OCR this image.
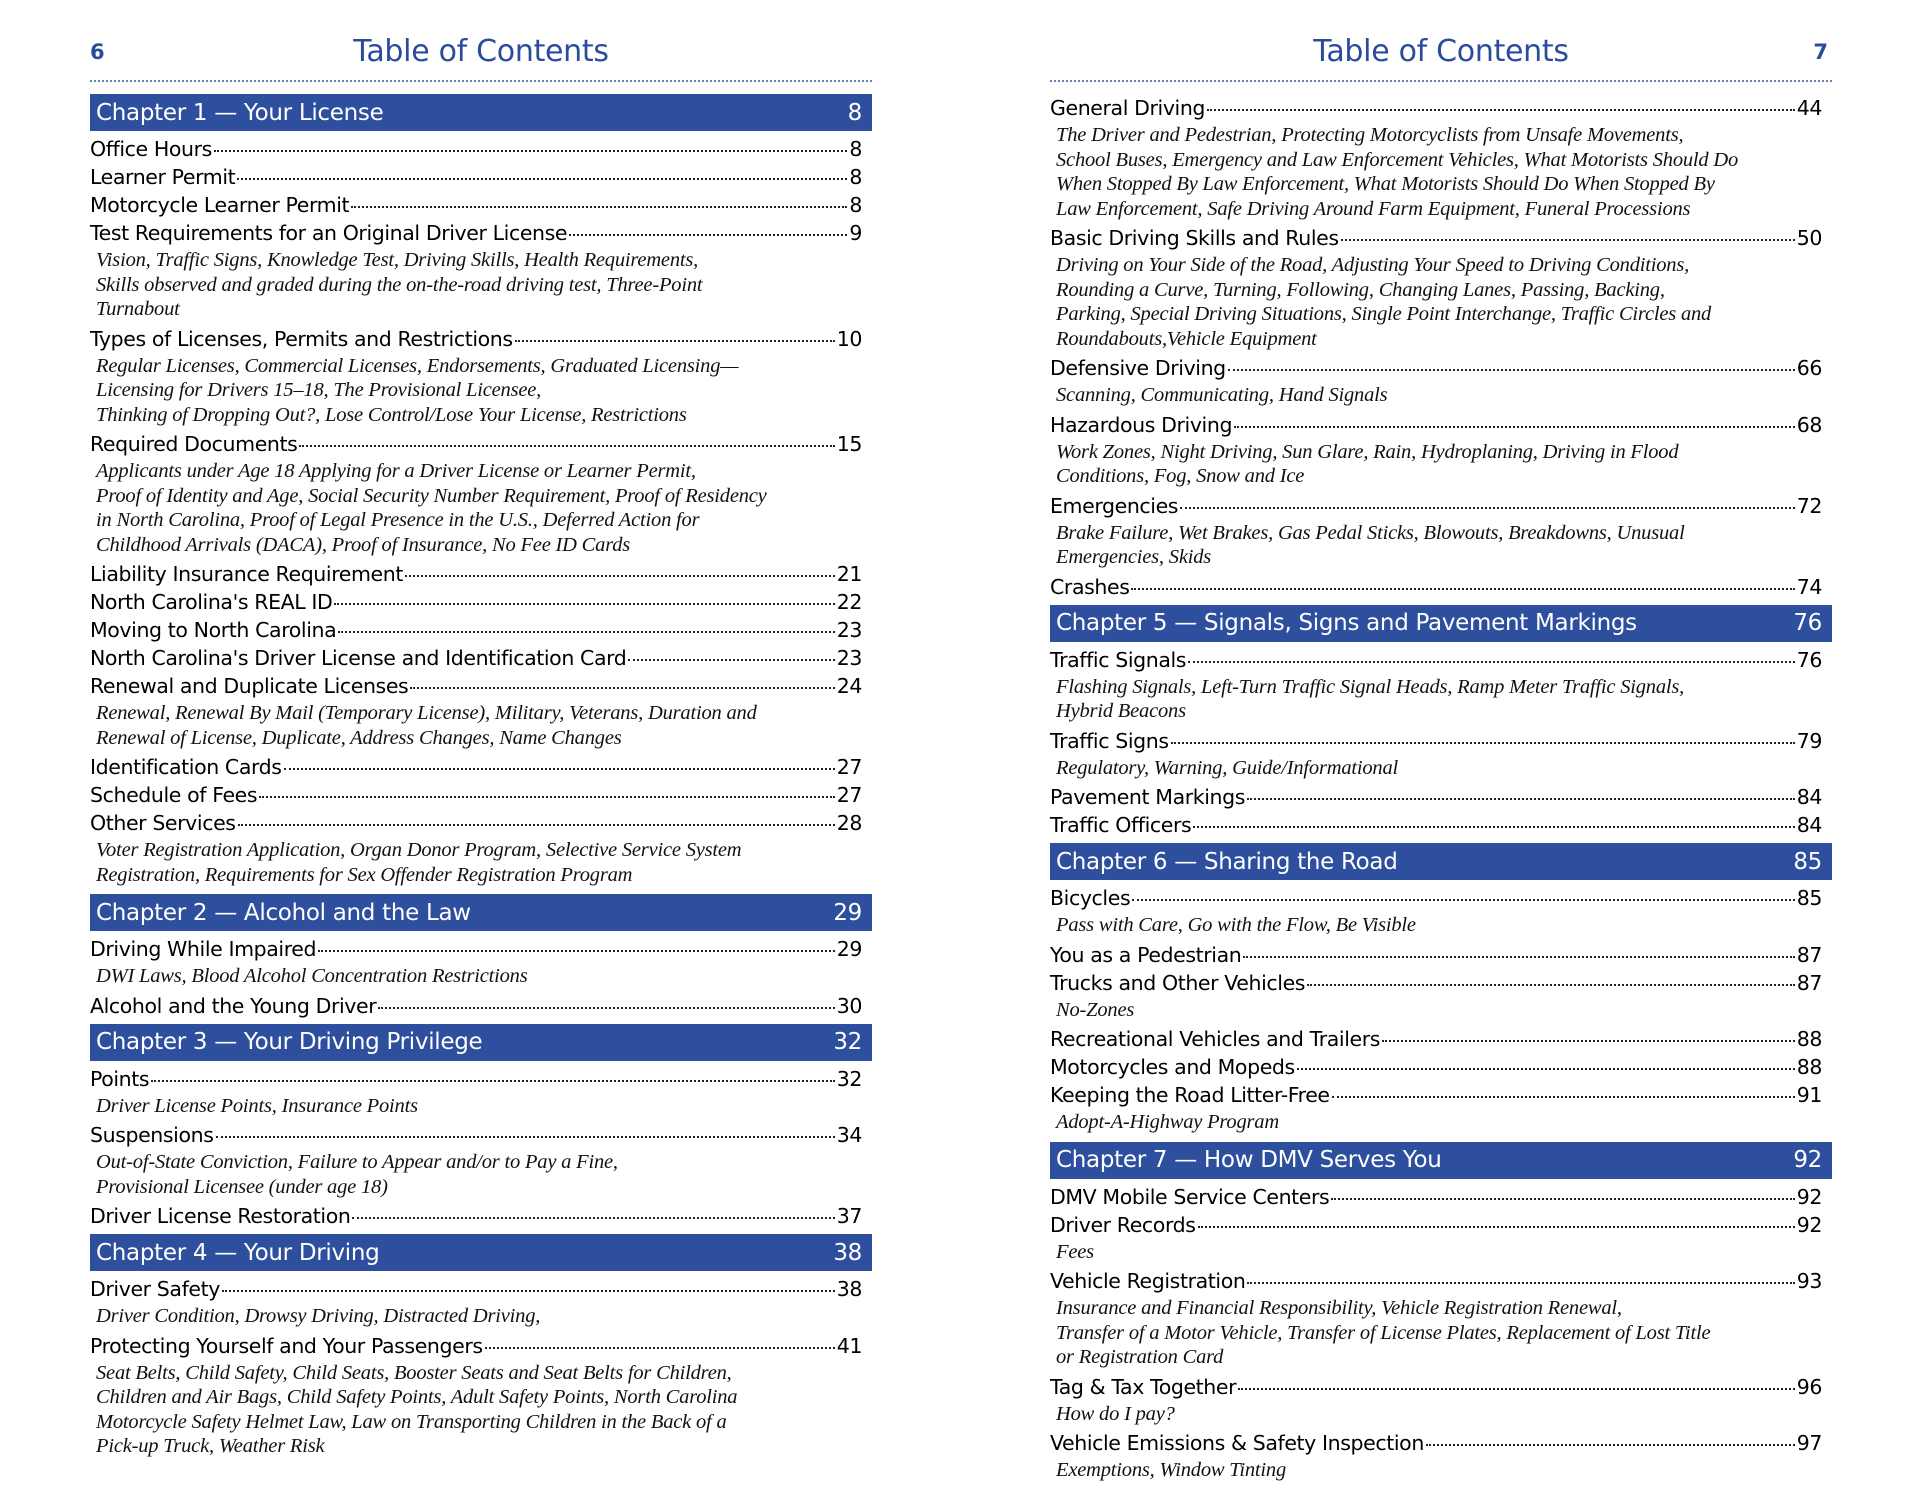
6	Table of Contents
Chapter 1 — Your License	8
Office Hours	8
Learner Permit	8
Motorcycle Learner Permit	8
Test Requirements for an Original Driver License	9
Vision, Traffic Signs, Knowledge Test, Driving Skills, Health Requirements,
Skills observed and graded during the on-the-road driving test, Three-Point
Turnabout
Types of Licenses, Permits and Restrictions	10
Regular Licenses, Commercial Licenses, Endorsements, Graduated Licensing—
Licensing for Drivers 15–18, The Provisional Licensee,
Thinking of Dropping Out?, Lose Control/Lose Your License, Restrictions
Required Documents	15
Applicants under Age 18 Applying for a Driver License or Learner Permit,
Proof of Identity and Age, Social Security Number Requirement, Proof of Residency
in North Carolina, Proof of Legal Presence in the U.S., Deferred Action for
Childhood Arrivals (DACA), Proof of Insurance, No Fee ID Cards
Liability Insurance Requirement	21
North Carolina's REAL ID	22
Moving to North Carolina	23
North Carolina's Driver License and Identification Card	23
Renewal and Duplicate Licenses	24
Renewal, Renewal By Mail (Temporary License), Military, Veterans, Duration and
Renewal of License, Duplicate, Address Changes, Name Changes
Identification Cards	27
Schedule of Fees	27
Other Services	28
Voter Registration Application, Organ Donor Program, Selective Service System
Registration, Requirements for Sex Offender Registration Program
Chapter 2 — Alcohol and the Law	29
Driving While Impaired	29
DWI Laws, Blood Alcohol Concentration Restrictions
Alcohol and the Young Driver	30
Chapter 3 — Your Driving Privilege	32
Points	32
Driver License Points, Insurance Points
Suspensions	34
Out-of-State Conviction, Failure to Appear and/or to Pay a Fine,
Provisional Licensee (under age 18)
Driver License Restoration	37
Chapter 4 — Your Driving	38
Driver Safety	38
Driver Condition, Drowsy Driving, Distracted Driving,
Protecting Yourself and Your Passengers	41
Seat Belts, Child Safety, Child Seats, Booster Seats and Seat Belts for Children,
Children and Air Bags, Child Safety Points, Adult Safety Points, North Carolina
Motorcycle Safety Helmet Law, Law on Transporting Children in the Back of a
Pick-up Truck, Weather Risk
Table of Contents	7
General Driving	44
The Driver and Pedestrian, Protecting Motorcyclists from Unsafe Movements,
School Buses, Emergency and Law Enforcement Vehicles, What Motorists Should Do
When Stopped By Law Enforcement, What Motorists Should Do When Stopped By
Law Enforcement, Safe Driving Around Farm Equipment, Funeral Processions
Basic Driving Skills and Rules	50
Driving on Your Side of the Road, Adjusting Your Speed to Driving Conditions,
Rounding a Curve, Turning, Following, Changing Lanes, Passing, Backing,
Parking, Special Driving Situations, Single Point Interchange, Traffic Circles and
Roundabouts,Vehicle Equipment
Defensive Driving	66
Scanning, Communicating, Hand Signals
Hazardous Driving	68
Work Zones, Night Driving, Sun Glare, Rain, Hydroplaning, Driving in Flood
Conditions, Fog, Snow and Ice
Emergencies	72
Brake Failure, Wet Brakes, Gas Pedal Sticks, Blowouts, Breakdowns, Unusual
Emergencies, Skids
Crashes	74
Chapter 5 — Signals, Signs and Pavement Markings	76
Traffic Signals	76
Flashing Signals, Left-Turn Traffic Signal Heads, Ramp Meter Traffic Signals,
Hybrid Beacons
Traffic Signs	79
Regulatory, Warning, Guide/Informational
Pavement Markings	84
Traffic Officers	84
Chapter 6 — Sharing the Road	85
Bicycles	85
Pass with Care, Go with the Flow, Be Visible
You as a Pedestrian	87
Trucks and Other Vehicles	87
No-Zones
Recreational Vehicles and Trailers	88
Motorcycles and Mopeds	88
Keeping the Road Litter-Free	91
Adopt-A-Highway Program
Chapter 7 — How DMV Serves You	92
DMV Mobile Service Centers	92
Driver Records	92
Fees
Vehicle Registration	93
Insurance and Financial Responsibility, Vehicle Registration Renewal,
Transfer of a Motor Vehicle, Transfer of License Plates, Replacement of Lost Title
or Registration Card
Tag & Tax Together	96
How do I pay?
Vehicle Emissions & Safety Inspection	97
Exemptions, Window Tinting
